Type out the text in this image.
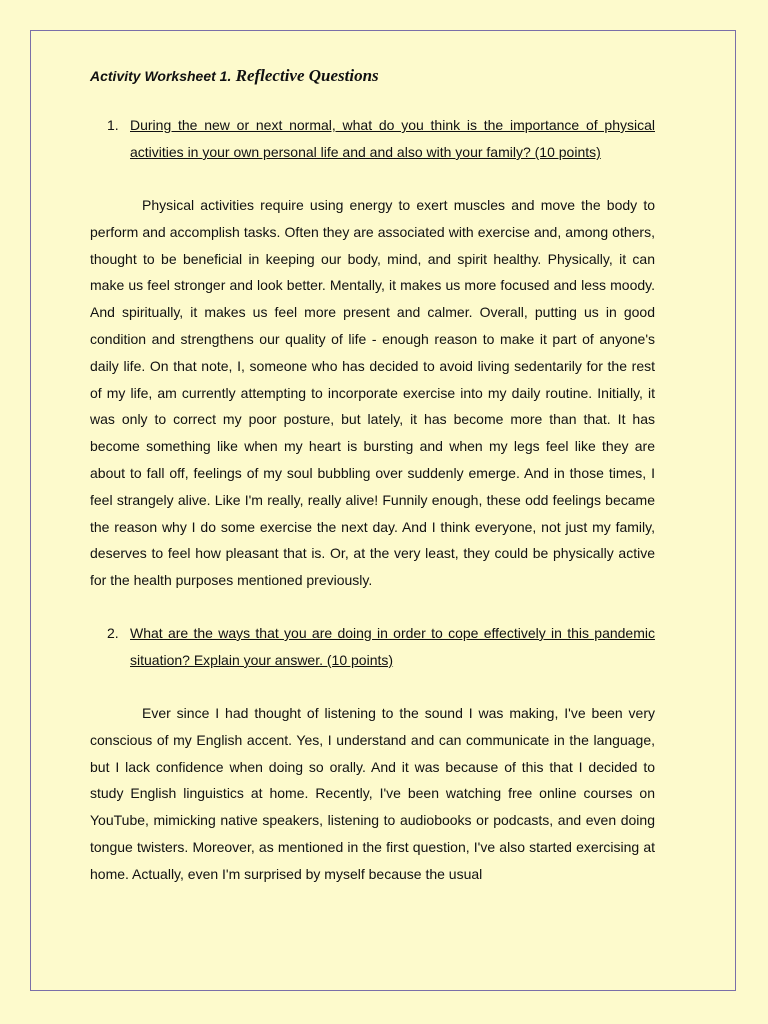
Activity Worksheet 1. Reflective Questions

1. During the new or next normal, what do you think is the importance of physical activities in your own personal life and and also with your family? (10 points)

Physical activities require using energy to exert muscles and move the body to perform and accomplish tasks. Often they are associated with exercise and, among others, thought to be beneficial in keeping our body, mind, and spirit healthy. Physically, it can make us feel stronger and look better. Mentally, it makes us more focused and less moody. And spiritually, it makes us feel more present and calmer. Overall, putting us in good condition and strengthens our quality of life - enough reason to make it part of anyone's daily life. On that note, I, someone who has decided to avoid living sedentarily for the rest of my life, am currently attempting to incorporate exercise into my daily routine. Initially, it was only to correct my poor posture, but lately, it has become more than that. It has become something like when my heart is bursting and when my legs feel like they are about to fall off, feelings of my soul bubbling over suddenly emerge. And in those times, I feel strangely alive. Like I'm really, really alive! Funnily enough, these odd feelings became the reason why I do some exercise the next day. And I think everyone, not just my family, deserves to feel how pleasant that is. Or, at the very least, they could be physically active for the health purposes mentioned previously.

2. What are the ways that you are doing in order to cope effectively in this pandemic situation? Explain your answer. (10 points)

Ever since I had thought of listening to the sound I was making, I've been very conscious of my English accent. Yes, I understand and can communicate in the language, but I lack confidence when doing so orally. And it was because of this that I decided to study English linguistics at home. Recently, I've been watching free online courses on YouTube, mimicking native speakers, listening to audiobooks or podcasts, and even doing tongue twisters. Moreover, as mentioned in the first question, I've also started exercising at home. Actually, even I'm surprised by myself because the usual
